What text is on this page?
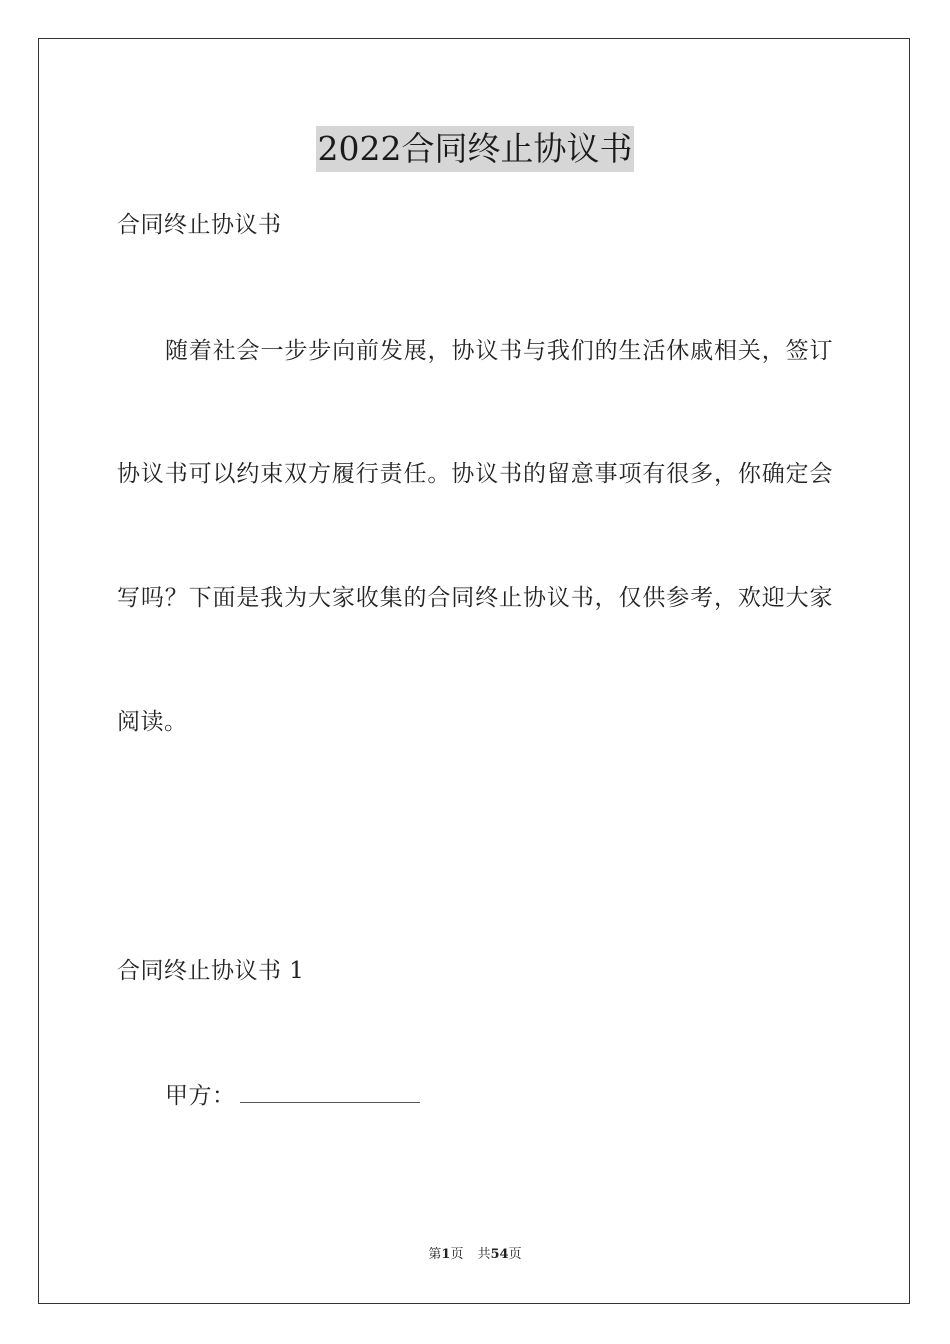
2022合同终止协议书
合同终止协议书
随着社会一步步向前发展，协议书与我们的生活休戚相关，签订
协议书可以约束双方履行责任。协议书的留意事项有很多，你确定会
写吗？下面是我为大家收集的合同终止协议书，仅供参考，欢迎大家
阅读。
合同终止协议书 1
甲方：
第1页 共54页
